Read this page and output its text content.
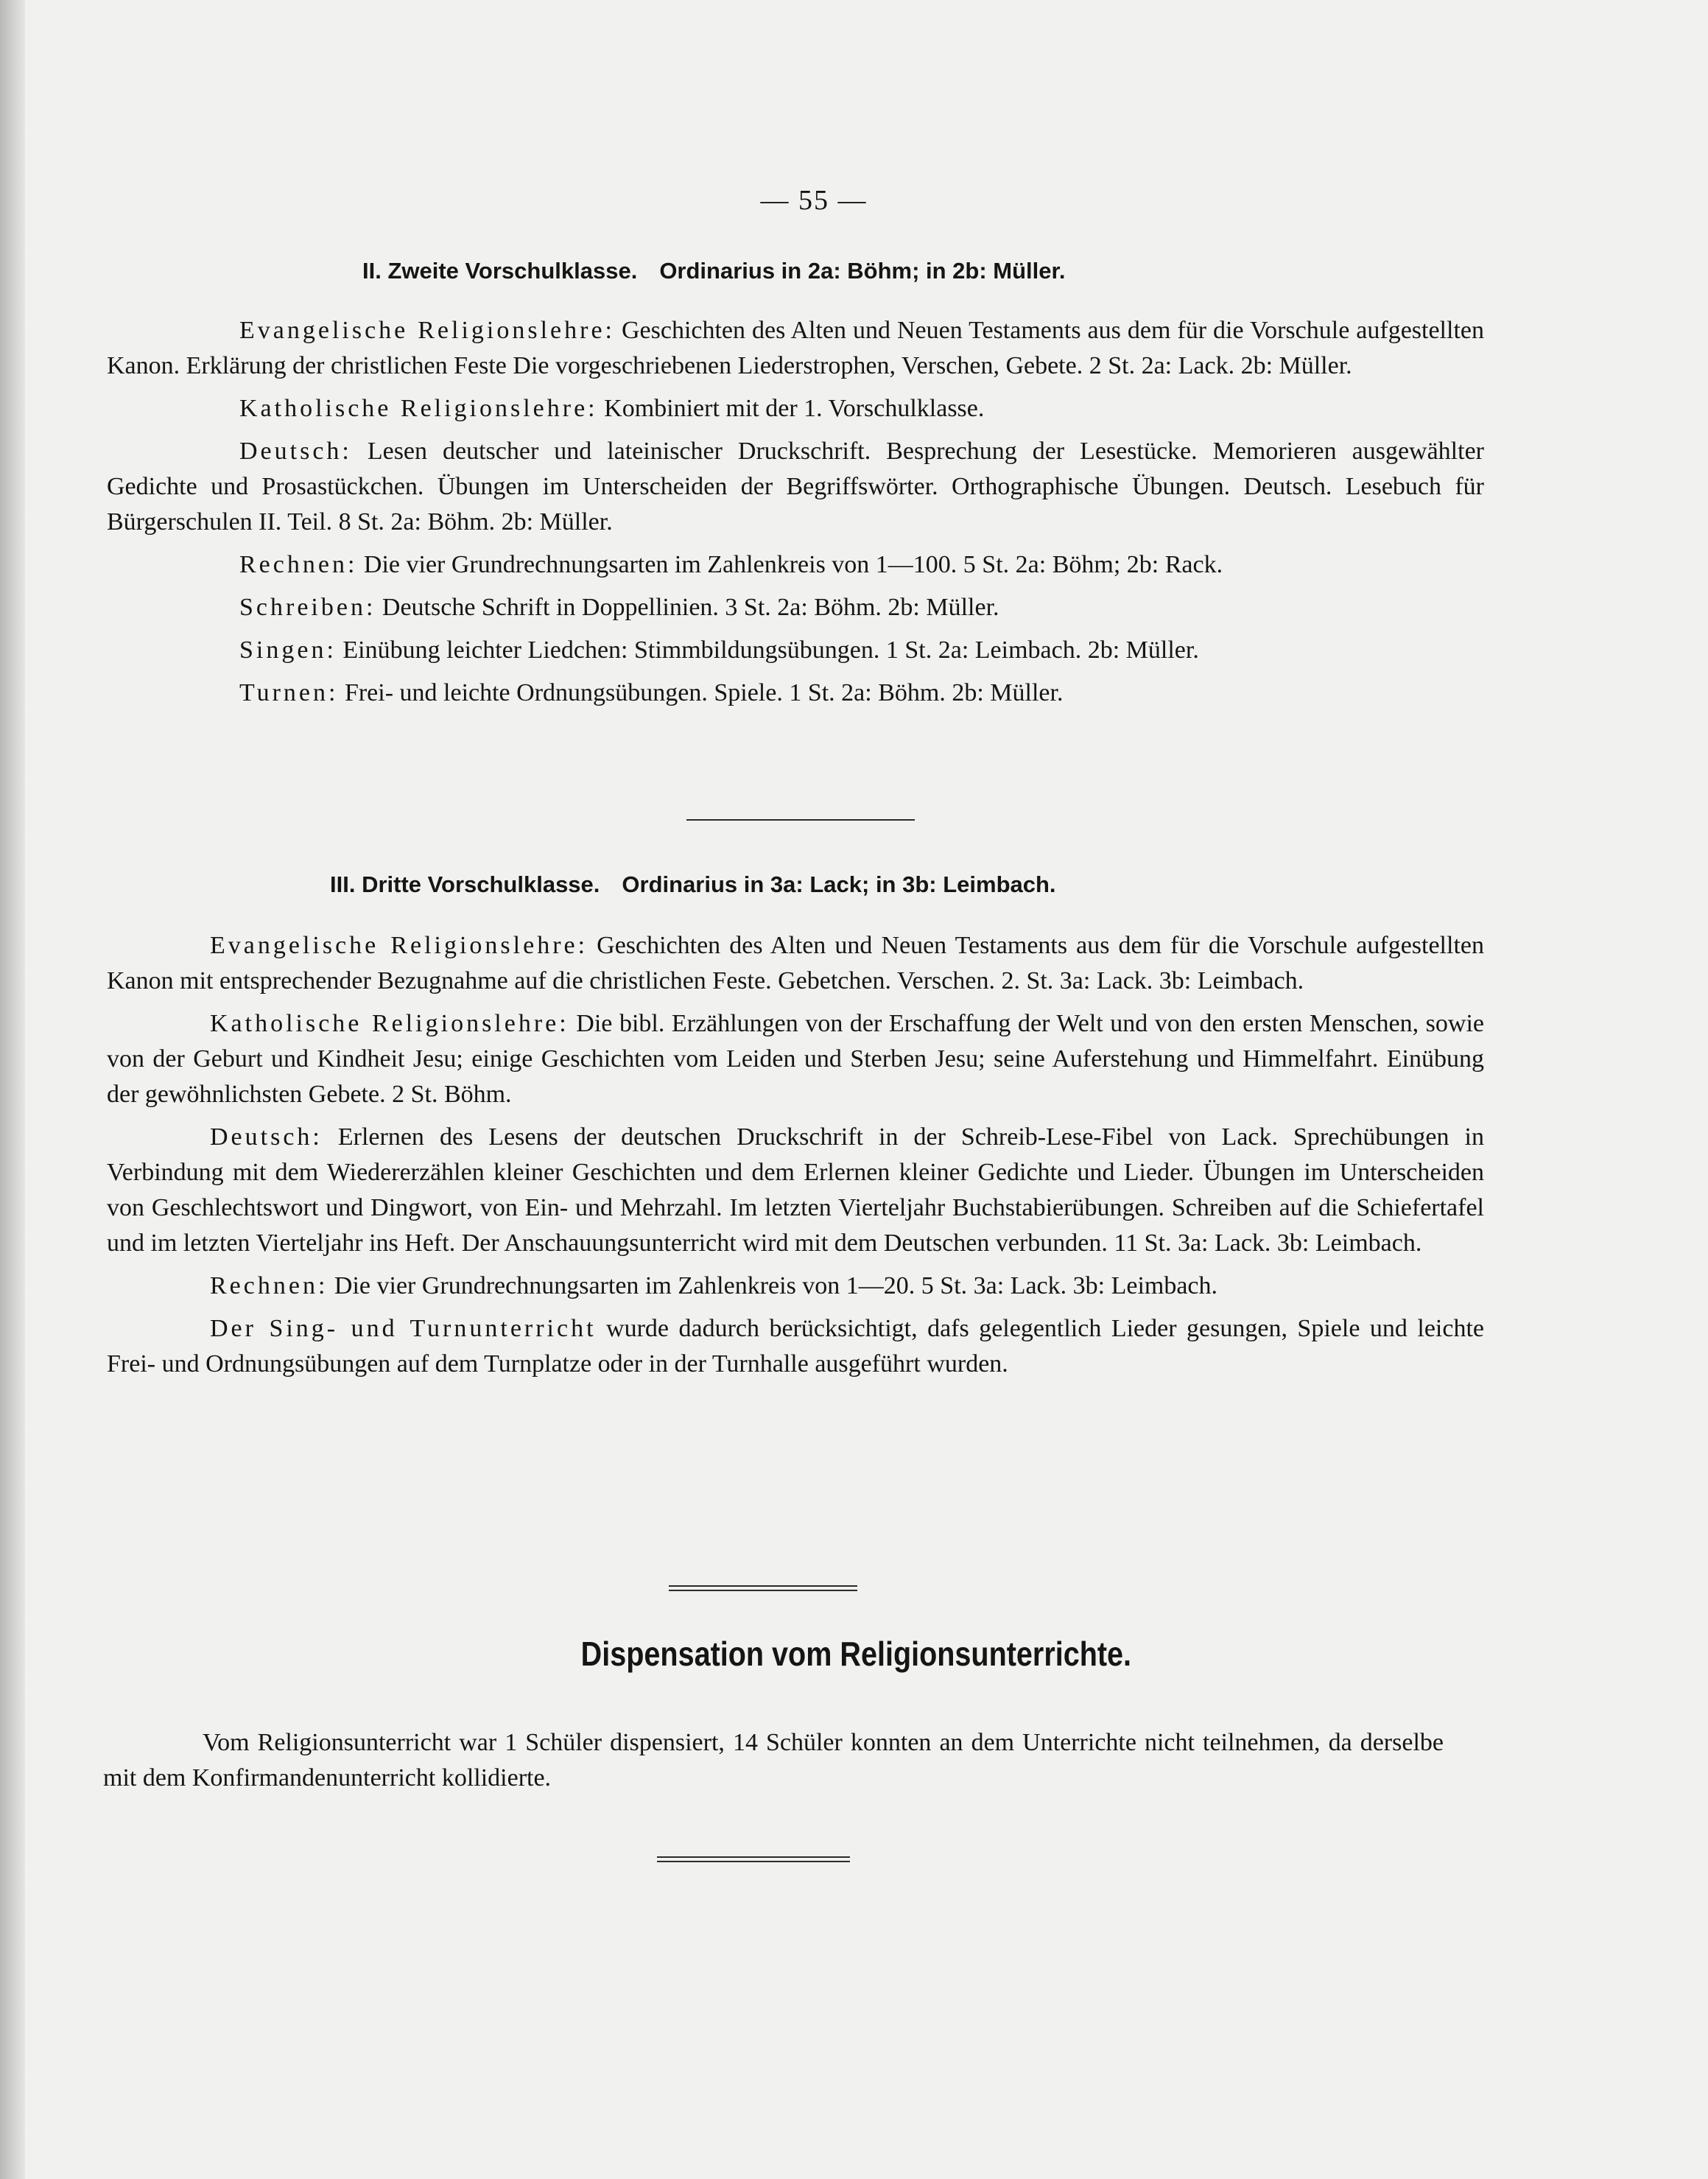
— 55 —
II. Zweite Vorschulklasse. Ordinarius in 2a: Böhm; in 2b: Müller.

Evangelische Religionslehre: Geschichten des Alten und Neuen Testaments aus dem für die Vorschule aufgestellten Kanon. Erklärung der christlichen Feste Die vorgeschriebenen Liederstrophen, Verschen, Gebete. 2 St. 2a: Lack. 2b: Müller.

Katholische Religionslehre: Kombiniert mit der 1. Vorschulklasse.

Deutsch: Lesen deutscher und lateinischer Druckschrift. Besprechung der Lesestücke. Memorieren ausgewählter Gedichte und Prosastückchen. Übungen im Unterscheiden der Begriffswörter. Orthographische Übungen. Deutsch. Lesebuch für Bürgerschulen II. Teil. 8 St. 2a: Böhm. 2b: Müller.

Rechnen: Die vier Grundrechnungsarten im Zahlenkreis von 1—100. 5 St. 2a: Böhm; 2b: Rack.

Schreiben: Deutsche Schrift in Doppellinien. 3 St. 2a: Böhm. 2b: Müller.

Singen: Einübung leichter Liedchen: Stimmbildungsübungen. 1 St. 2a: Leimbach. 2b: Müller.

Turnen: Frei- und leichte Ordnungsübungen. Spiele. 1 St. 2a: Böhm. 2b: Müller.

III. Dritte Vorschulklasse. Ordinarius in 3a: Lack; in 3b: Leimbach.

Evangelische Religionslehre: Geschichten des Alten und Neuen Testaments aus dem für die Vorschule aufgestellten Kanon mit entsprechender Bezugnahme auf die christlichen Feste. Gebetchen. Verschen. 2. St. 3a: Lack. 3b: Leimbach.

Katholische Religionslehre: Die bibl. Erzählungen von der Erschaffung der Welt und von den ersten Menschen, sowie von der Geburt und Kindheit Jesu; einige Geschichten vom Leiden und Sterben Jesu; seine Auferstehung und Himmelfahrt. Einübung der gewöhnlichsten Gebete. 2 St. Böhm.

Deutsch: Erlernen des Lesens der deutschen Druckschrift in der Schreib-Lese-Fibel von Lack. Sprechübungen in Verbindung mit dem Wiedererzählen kleiner Geschichten und dem Erlernen kleiner Gedichte und Lieder. Übungen im Unterscheiden von Geschlechtswort und Dingwort, von Ein- und Mehrzahl. Im letzten Vierteljahr Buchstabierübungen. Schreiben auf die Schiefertafel und im letzten Vierteljahr ins Heft. Der Anschauungsunterricht wird mit dem Deutschen verbunden. 11 St. 3a: Lack. 3b: Leimbach.

Rechnen: Die vier Grundrechnungsarten im Zahlenkreis von 1—20. 5 St. 3a: Lack. 3b: Leimbach.

Der Sing- und Turnunterricht wurde dadurch berücksichtigt, dafs gelegentlich Lieder gesungen, Spiele und leichte Frei- und Ordnungsübungen auf dem Turnplatze oder in der Turnhalle ausgeführt wurden.

Dispensation vom Religionsunterrichte.

Vom Religionsunterricht war 1 Schüler dispensiert, 14 Schüler konnten an dem Unterrichte nicht teilnehmen, da derselbe mit dem Konfirmandenunterricht kollidierte.
